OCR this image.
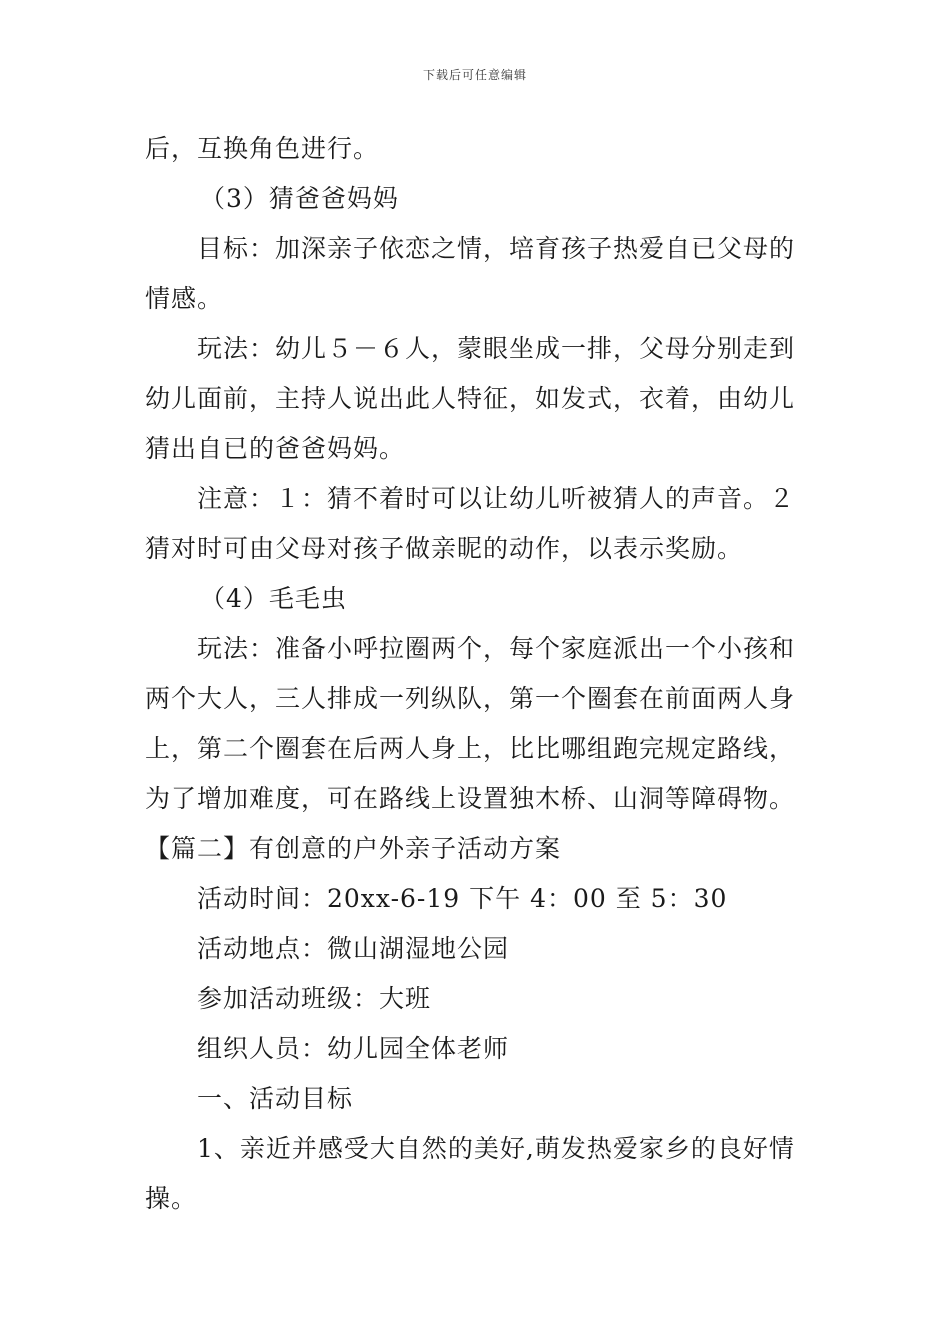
下载后可任意编辑
后，互换角色进行。
（3）猜爸爸妈妈
目标：加深亲子依恋之情，培育孩子热爱自已父母的
情感。
玩法：幼儿５－６人，蒙眼坐成一排，父母分别走到
幼儿面前，主持人说出此人特征，如发式，衣着，由幼儿
猜出自已的爸爸妈妈。
注意：１：猜不着时可以让幼儿听被猜人的声音。２
猜对时可由父母对孩子做亲昵的动作，以表示奖励。
（4）毛毛虫
玩法：准备小呼拉圈两个，每个家庭派出一个小孩和
两个大人，三人排成一列纵队，第一个圈套在前面两人身
上，第二个圈套在后两人身上，比比哪组跑完规定路线，
为了增加难度，可在路线上设置独木桥、山洞等障碍物。
【篇二】有创意的户外亲子活动方案
活动时间：20xx-6-19 下午 4：00 至 5：30
活动地点：微山湖湿地公园
参加活动班级：大班
组织人员：幼儿园全体老师
一、活动目标
1、亲近并感受大自然的美好,萌发热爱家乡的良好情
操。
